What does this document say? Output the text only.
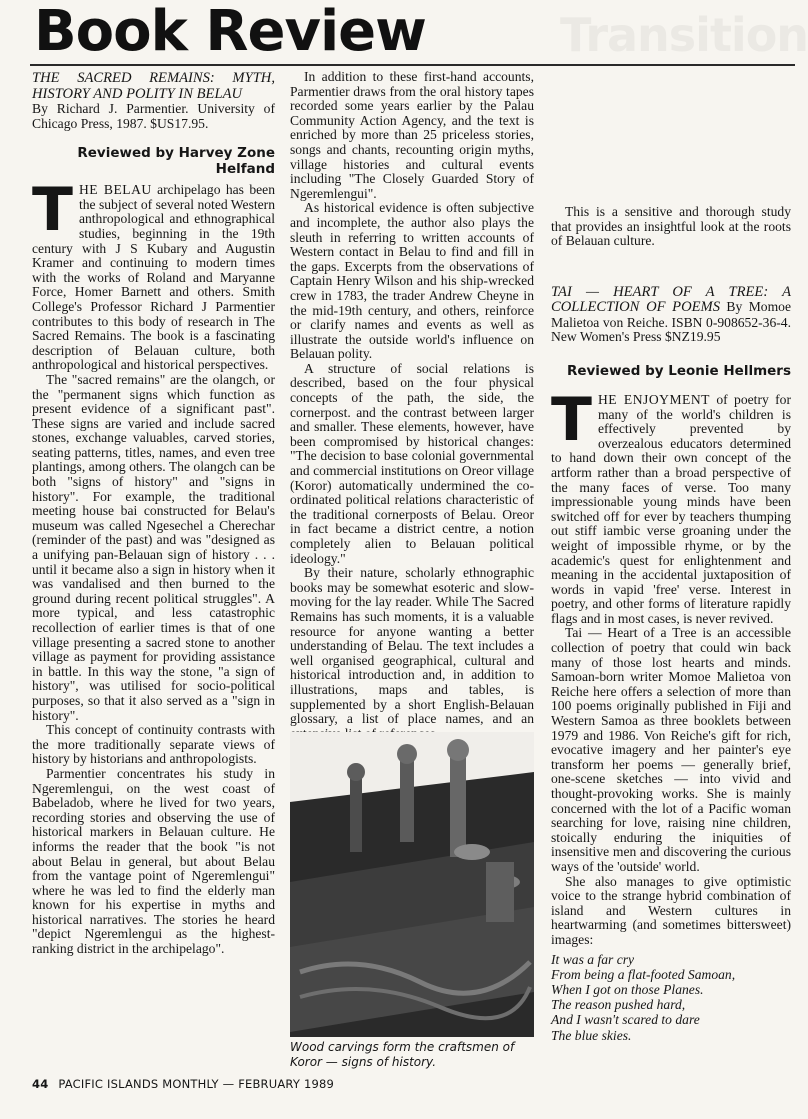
Transition
Book Review

THE SACRED REMAINS: MYTH, HISTORY AND POLITY IN BELAU

By Richard J. Parmentier. University of Chicago Press, 1987. $US17.95.

Reviewed by Harvey Zone Helfand

THE BELAU archipelago has been the subject of several noted Western anthropological and ethnographical studies, beginning in the 19th century with J S Kubary and Augustin Kramer and continuing to modern times with the works of Roland and Maryanne Force, Homer Barnett and others. Smith College's Professor Richard J Parmentier contributes to this body of research in The Sacred Remains. The book is a fascinating description of Belauan culture, both anthropological and historical perspectives.

The "sacred remains" are the olangch, or the "permanent signs which function as present evidence of a significant past". These signs are varied and include sacred stones, exchange valuables, carved stories, seating patterns, titles, names, and even tree plantings, among others. The olangch can be both "signs of history" and "signs in history". For example, the traditional meeting house bai constructed for Belau's museum was called Ngesechel a Cherechar (reminder of the past) and was "designed as a unifying pan-Belauan sign of history . . . until it became also a sign in history when it was vandalised and then burned to the ground during recent political struggles". A more typical, and less catastrophic recollection of earlier times is that of one village presenting a sacred stone to another village as payment for providing assistance in battle. In this way the stone, "a sign of history", was utilised for socio-political purposes, so that it also served as a "sign in history".

This concept of continuity contrasts with the more traditionally separate views of history by historians and anthropologists.

Parmentier concentrates his study in Ngeremlengui, on the west coast of Babeladob, where he lived for two years, recording stories and observing the use of historical markers in Belauan culture. He informs the reader that the book "is not about Belau in general, but about Belau from the vantage point of Ngeremlengui" where he was led to find the elderly man known for his expertise in myths and historical narratives. The stories he heard "depict Ngeremlengui as the highest-ranking district in the archipelago".

In addition to these first-hand accounts, Parmentier draws from the oral history tapes recorded some years earlier by the Palau Community Action Agency, and the text is enriched by more than 25 priceless stories, songs and chants, recounting origin myths, village histories and cultural events including "The Closely Guarded Story of Ngeremlengui".

As historical evidence is often subjective and incomplete, the author also plays the sleuth in referring to written accounts of Western contact in Belau to find and fill in the gaps. Excerpts from the observations of Captain Henry Wilson and his ship-wrecked crew in 1783, the trader Andrew Cheyne in the mid-19th century, and others, reinforce or clarify names and events as well as illustrate the outside world's influence on Belauan polity.

A structure of social relations is described, based on the four physical concepts of the path, the side, the cornerpost. and the contrast between larger and smaller. These elements, however, have been compromised by historical changes: "The decision to base colonial governmental and commercial institutions on Oreor village (Koror) automatically undermined the co-ordinated political relations characteristic of the traditional cornerposts of Belau. Oreor in fact became a district centre, a notion completely alien to Belauan political ideology."

By their nature, scholarly ethnographic books may be somewhat esoteric and slow-moving for the lay reader. While The Sacred Remains has such moments, it is a valuable resource for anyone wanting a better understanding of Belau. The text includes a well organised geographical, cultural and historical introduction and, in addition to illustrations, maps and tables, is supplemented by a short English-Belauan glossary, a list of place names, and an

Wood carvings form the craftsmen of Koror — signs of history.

This is a sensitive and thorough study that provides an insightful look at the roots of Belauan culture.

TAI — HEART OF A TREE: A COLLECTION OF POEMS By Momoe Malietoa von Reiche. ISBN 0-908652-36-4. New Women's Press $NZ19.95

Reviewed by Leonie Hellmers

THE ENJOYMENT of poetry for many of the world's children is effectively prevented by overzealous educators determined to hand down their own concept of the artform rather than a broad perspective of the many faces of verse. Too many impressionable young minds have been switched off for ever by teachers thumping out stiff iambic verse groaning under the weight of impossible rhyme, or by the academic's quest for enlightenment and meaning in the accidental juxtaposition of words in vapid 'free' verse. Interest in poetry, and other forms of literature rapidly flags and in most cases, is never revived.

Tai — Heart of a Tree is an accessible collection of poetry that could win back many of those lost hearts and minds. Samoan-born writer Momoe Malietoa von Reiche here offers a selection of more than 100 poems originally published in Fiji and Western Samoa as three booklets between 1979 and 1986. Von Reiche's gift for rich, evocative imagery and her painter's eye transform her poems — generally brief, one-scene sketches — into vivid and thought-provoking works. She is mainly concerned with the lot of a Pacific woman searching for love, raising nine children, stoically enduring the iniquities of insensitive men and discovering the curious ways of the 'outside' world.

She also manages to give optimistic voice to the strange hybrid combination of island and Western cultures in heartwarming (and sometimes bittersweet) images:

It was a far cry
From being a flat-footed Samoan,
When I got on those Planes.
The reason pushed hard,
And I wasn't scared to dare
The blue skies.
44 PACIFIC ISLANDS MONTHLY — FEBRUARY 1989
